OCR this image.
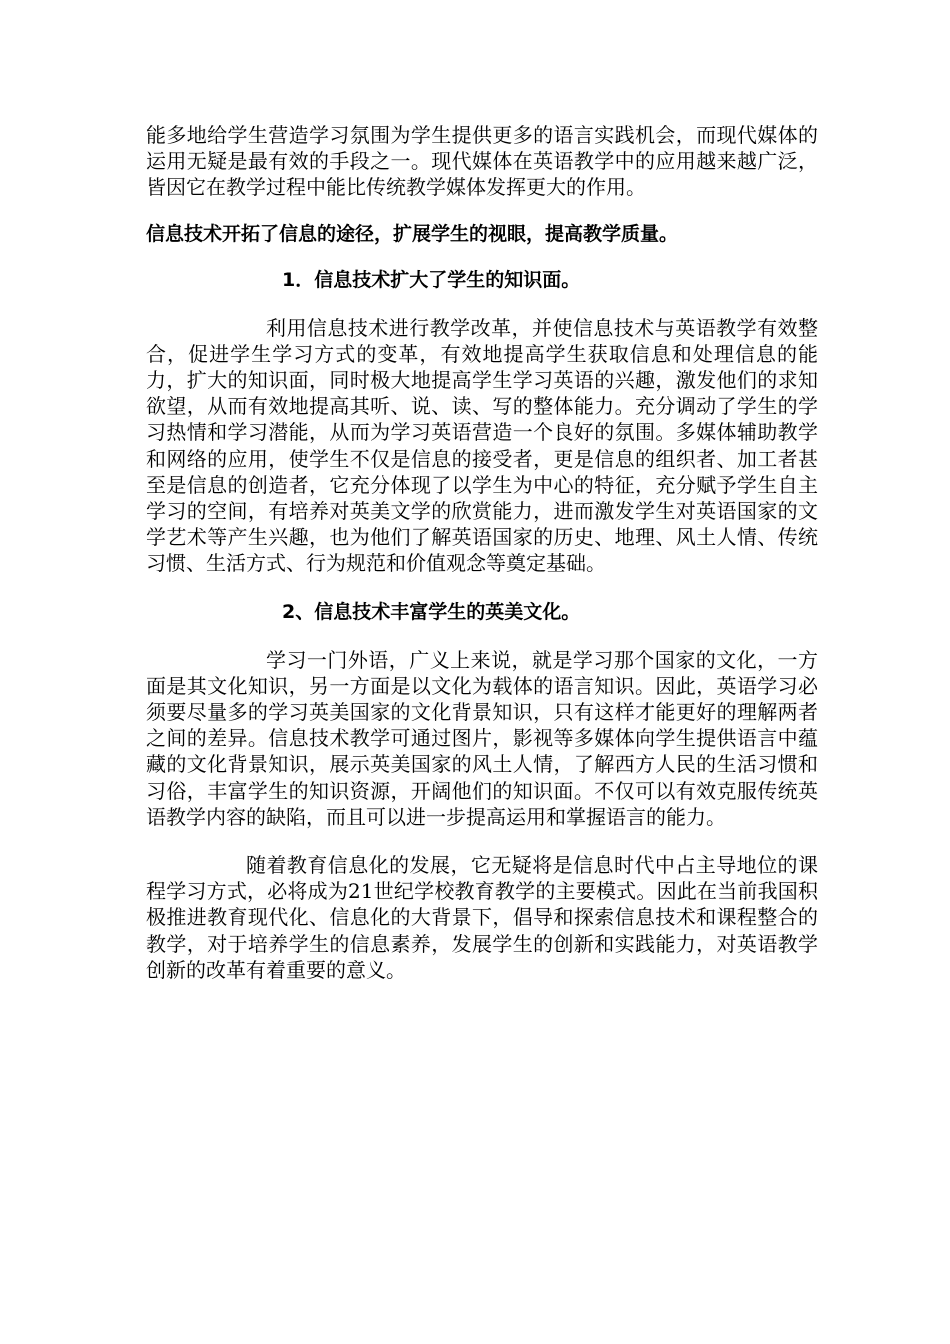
能多地给学生营造学习氛围为学生提供更多的语言实践机会，而现代媒体的运用无疑是最有效的手段之一。现代媒体在英语教学中的应用越来越广泛，皆因它在教学过程中能比传统教学媒体发挥更大的作用。

信息技术开拓了信息的途径，扩展学生的视眼，提高教学质量。

1．信息技术扩大了学生的知识面。

利用信息技术进行教学改革，并使信息技术与英语教学有效整合，促进学生学习方式的变革，有效地提高学生获取信息和处理信息的能力，扩大的知识面，同时极大地提高学生学习英语的兴趣，激发他们的求知欲望，从而有效地提高其听、说、读、写的整体能力。充分调动了学生的学习热情和学习潜能，从而为学习英语营造一个良好的氛围。多媒体辅助教学和网络的应用，使学生不仅是信息的接受者，更是信息的组织者、加工者甚至是信息的创造者，它充分体现了以学生为中心的特征，充分赋予学生自主学习的空间，有培养对英美文学的欣赏能力，进而激发学生对英语国家的文学艺术等产生兴趣，也为他们了解英语国家的历史、地理、风土人情、传统习惯、生活方式、行为规范和价值观念等奠定基础。

2、信息技术丰富学生的英美文化。

学习一门外语，广义上来说，就是学习那个国家的文化，一方面是其文化知识，另一方面是以文化为载体的语言知识。因此，英语学习必须要尽量多的学习英美国家的文化背景知识，只有这样才能更好的理解两者之间的差异。信息技术教学可通过图片，影视等多媒体向学生提供语言中蕴藏的文化背景知识，展示英美国家的风土人情，了解西方人民的生活习惯和习俗，丰富学生的知识资源，开阔他们的知识面。不仅可以有效克服传统英语教学内容的缺陷，而且可以进一步提高运用和掌握语言的能力。

随着教育信息化的发展，它无疑将是信息时代中占主导地位的课程学习方式，必将成为21世纪学校教育教学的主要模式。因此在当前我国积极推进教育现代化、信息化的大背景下，倡导和探索信息技术和课程整合的教学，对于培养学生的信息素养，发展学生的创新和实践能力，对英语教学创新的改革有着重要的意义。
